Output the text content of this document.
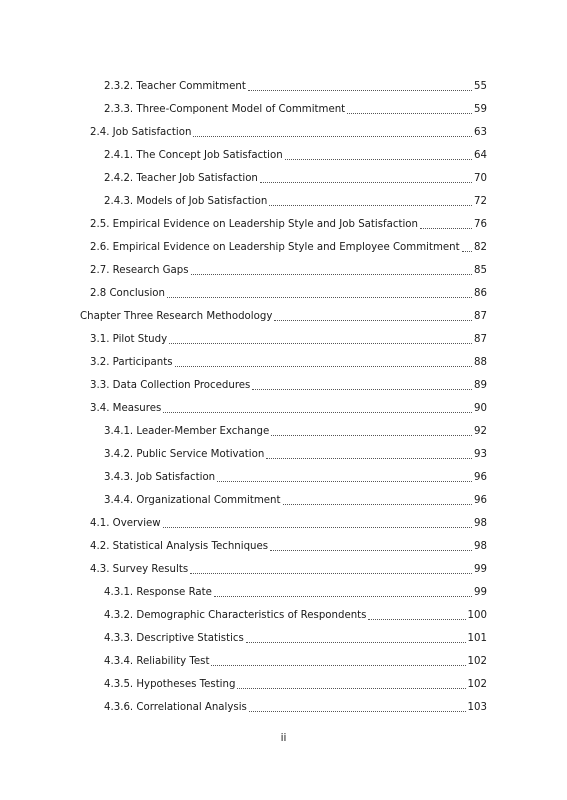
2.3.2. Teacher Commitment	55
2.3.3. Three-Component Model of Commitment	59
2.4. Job Satisfaction	63
2.4.1. The Concept Job Satisfaction	64
2.4.2. Teacher Job Satisfaction	70
2.4.3. Models of Job Satisfaction	72
2.5. Empirical Evidence on Leadership Style and Job Satisfaction	76
2.6. Empirical Evidence on Leadership Style and Employee Commitment 82
2.7. Research Gaps	85
2.8 Conclusion	86
Chapter Three Research Methodology	87
3.1. Pilot Study	87
3.2. Participants	88
3.3. Data Collection Procedures	89
3.4. Measures	90
3.4.1. Leader-Member Exchange	92
3.4.2. Public Service Motivation	93
3.4.3. Job Satisfaction	96
3.4.4. Organizational Commitment	96
4.1. Overview	98
4.2. Statistical Analysis Techniques	98
4.3. Survey Results	99
4.3.1. Response Rate	99
4.3.2. Demographic Characteristics of Respondents	100
4.3.3. Descriptive Statistics	101
4.3.4. Reliability Test	102
4.3.5. Hypotheses Testing	102
4.3.6. Correlational Analysis	103
ii
